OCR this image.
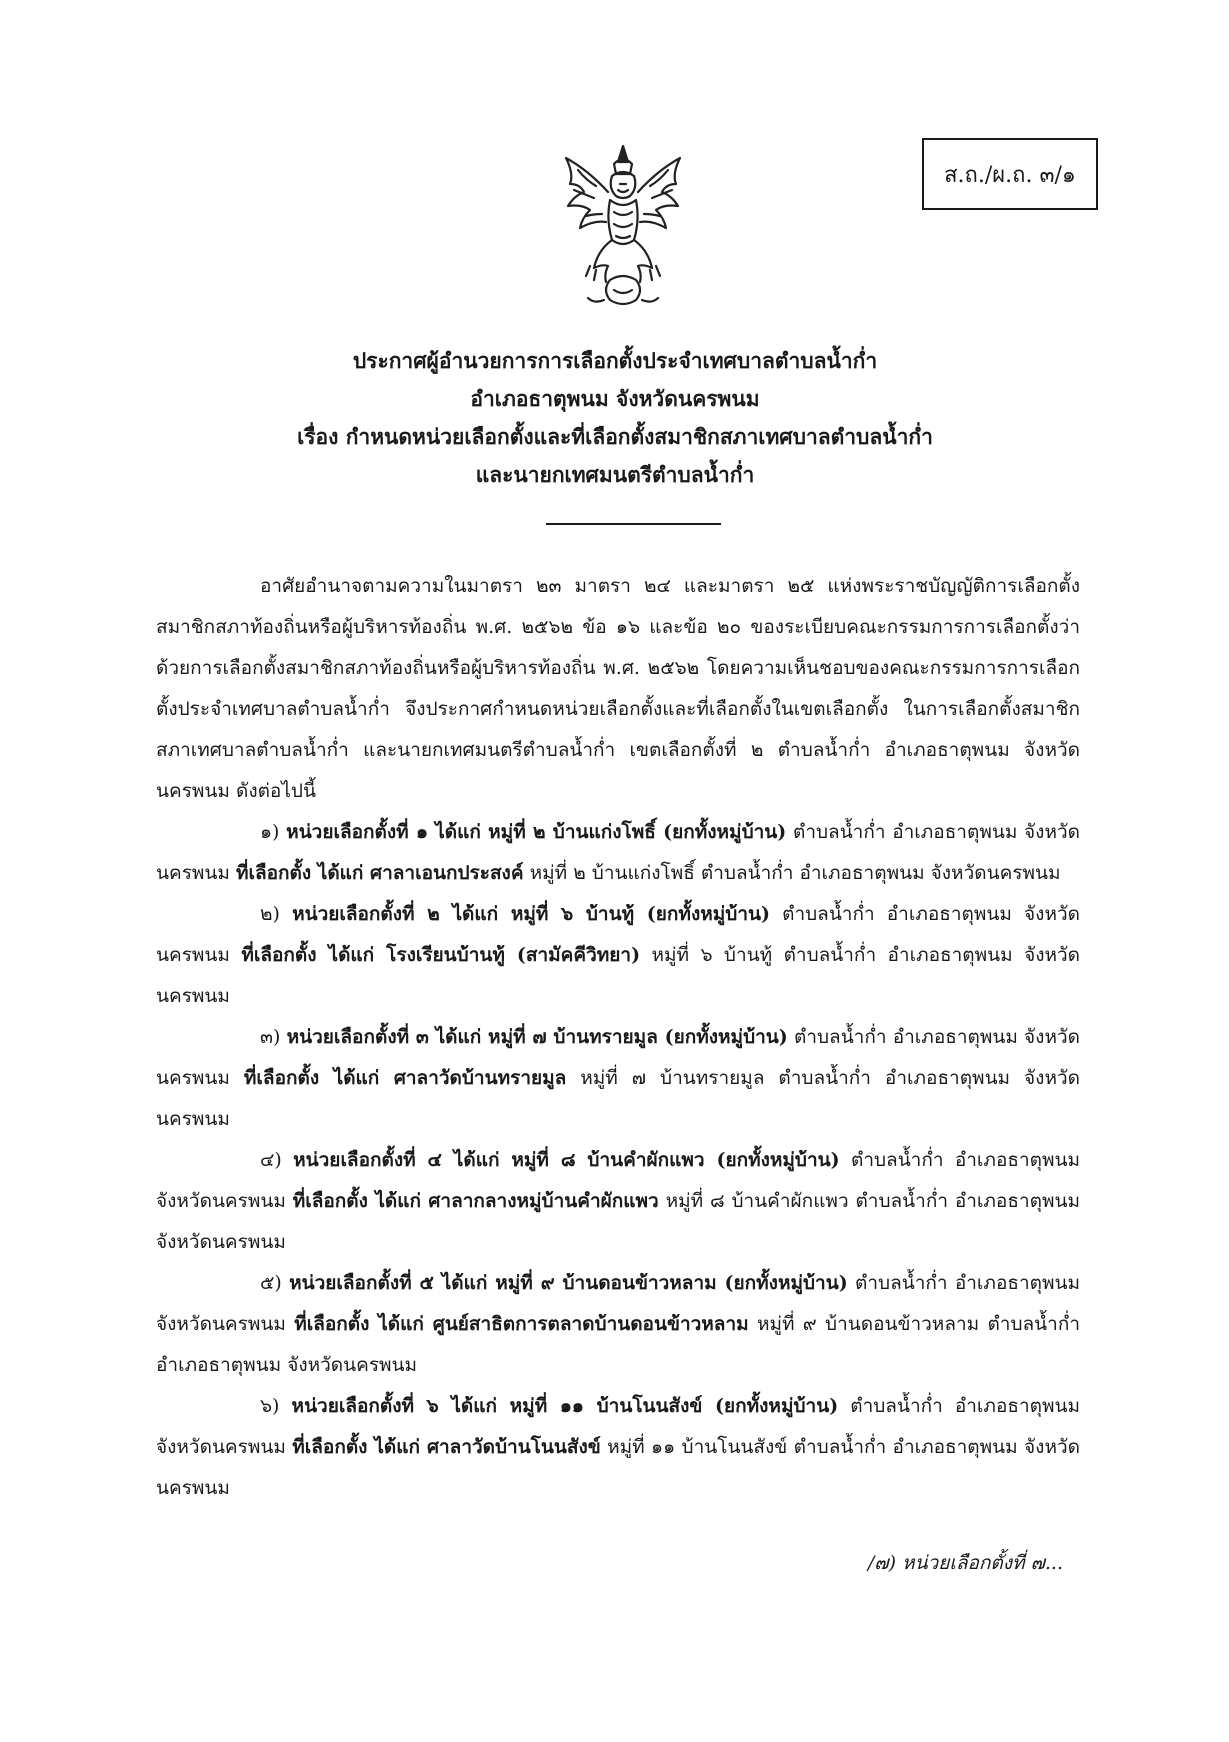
ส.ถ./ผ.ถ. ๓/๑
ประกาศผู้อำนวยการการเลือกตั้งประจำเทศบาลตำบลน้ำก่ำ
อำเภอธาตุพนม จังหวัดนครพนม
เรื่อง กำหนดหน่วยเลือกตั้งและที่เลือกตั้งสมาชิกสภาเทศบาลตำบลน้ำก่ำ
และนายกเทศมนตรีตำบลน้ำก่ำ

อาศัยอำนาจตามความในมาตรา ๒๓ มาตรา ๒๔ และมาตรา ๒๕ แห่งพระราชบัญญัติการเลือกตั้งสมาชิกสภาท้องถิ่นหรือผู้บริหารท้องถิ่น พ.ศ. ๒๕๖๒ ข้อ ๑๖ และข้อ ๒๐ ของระเบียบคณะกรรมการการเลือกตั้งว่าด้วยการเลือกตั้งสมาชิกสภาท้องถิ่นหรือผู้บริหารท้องถิ่น พ.ศ. ๒๕๖๒ โดยความเห็นชอบของคณะกรรมการการเลือกตั้งประจำเทศบาลตำบลน้ำก่ำ จึงประกาศกำหนดหน่วยเลือกตั้งและที่เลือกตั้งในเขตเลือกตั้ง ในการเลือกตั้งสมาชิกสภาเทศบาลตำบลน้ำก่ำ และนายกเทศมนตรีตำบลน้ำก่ำ เขตเลือกตั้งที่ ๒ ตำบลน้ำก่ำ อำเภอธาตุพนม จังหวัดนครพนม ดังต่อไปนี้

๑) หน่วยเลือกตั้งที่ ๑ ได้แก่ หมู่ที่ ๒ บ้านแก่งโพธิ์ (ยกทั้งหมู่บ้าน) ตำบลน้ำก่ำ อำเภอธาตุพนม จังหวัดนครพนม ที่เลือกตั้ง ได้แก่ ศาลาเอนกประสงค์ หมู่ที่ ๒ บ้านแก่งโพธิ์ ตำบลน้ำก่ำ อำเภอธาตุพนม จังหวัดนครพนม

๒) หน่วยเลือกตั้งที่ ๒ ได้แก่ หมู่ที่ ๖ บ้านทู้ (ยกทั้งหมู่บ้าน) ตำบลน้ำก่ำ อำเภอธาตุพนม จังหวัดนครพนม ที่เลือกตั้ง ได้แก่ โรงเรียนบ้านทู้ (สามัคคีวิทยา) หมู่ที่ ๖ บ้านทู้ ตำบลน้ำก่ำ อำเภอธาตุพนม จังหวัดนครพนม

๓) หน่วยเลือกตั้งที่ ๓ ได้แก่ หมู่ที่ ๗ บ้านทรายมูล (ยกทั้งหมู่บ้าน) ตำบลน้ำก่ำ อำเภอธาตุพนม จังหวัดนครพนม ที่เลือกตั้ง ได้แก่ ศาลาวัดบ้านทรายมูล หมู่ที่ ๗ บ้านทรายมูล ตำบลน้ำก่ำ อำเภอธาตุพนม จังหวัดนครพนม

๔) หน่วยเลือกตั้งที่ ๔ ได้แก่ หมู่ที่ ๘ บ้านคำผักแพว (ยกทั้งหมู่บ้าน) ตำบลน้ำก่ำ อำเภอธาตุพนม จังหวัดนครพนม ที่เลือกตั้ง ได้แก่ ศาลากลางหมู่บ้านคำผักแพว หมู่ที่ ๘ บ้านคำผักแพว ตำบลน้ำก่ำ อำเภอธาตุพนม จังหวัดนครพนม

๕) หน่วยเลือกตั้งที่ ๕ ได้แก่ หมู่ที่ ๙ บ้านดอนข้าวหลาม (ยกทั้งหมู่บ้าน) ตำบลน้ำก่ำ อำเภอธาตุพนม จังหวัดนครพนม ที่เลือกตั้ง ได้แก่ ศูนย์สาธิตการตลาดบ้านดอนข้าวหลาม หมู่ที่ ๙ บ้านดอนข้าวหลาม ตำบลน้ำก่ำ อำเภอธาตุพนม จังหวัดนครพนม

๖) หน่วยเลือกตั้งที่ ๖ ได้แก่ หมู่ที่ ๑๑ บ้านโนนสังข์ (ยกทั้งหมู่บ้าน) ตำบลน้ำก่ำ อำเภอธาตุพนม จังหวัดนครพนม ที่เลือกตั้ง ได้แก่ ศาลาวัดบ้านโนนสังข์ หมู่ที่ ๑๑ บ้านโนนสังข์ ตำบลน้ำก่ำ อำเภอธาตุพนม จังหวัดนครพนม

/๗) หน่วยเลือกตั้งที่ ๗...
